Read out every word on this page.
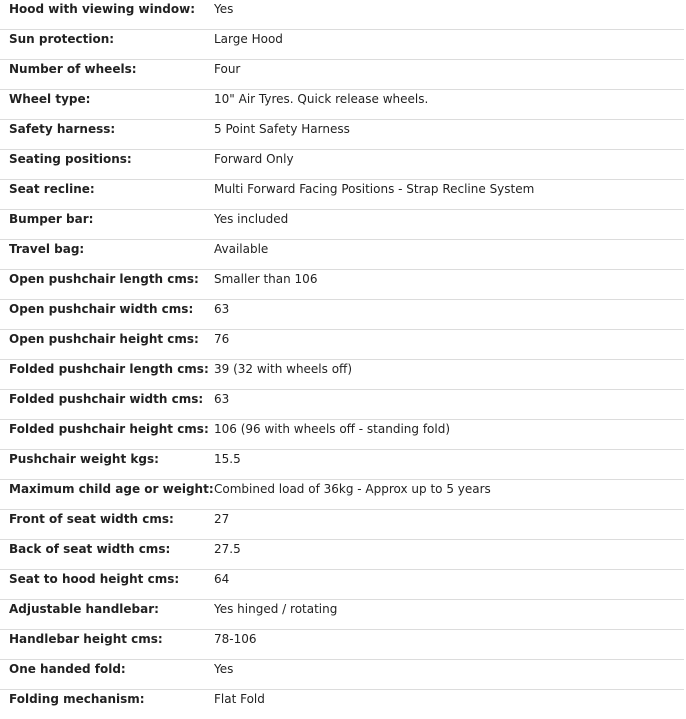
Hood with viewing window:	Yes
Sun protection:	Large Hood
Number of wheels:	Four
Wheel type:	10" Air Tyres. Quick release wheels.
Safety harness:	5 Point Safety Harness
Seating positions:	Forward Only
Seat recline:	Multi Forward Facing Positions - Strap Recline System
Bumper bar:	Yes included
Travel bag:	Available
Open pushchair length cms:	Smaller than 106
Open pushchair width cms:	63
Open pushchair height cms:	76
Folded pushchair length cms:	39 (32 with wheels off)
Folded pushchair width cms:	63
Folded pushchair height cms:	106 (96 with wheels off - standing fold)
Pushchair weight kgs:	15.5
Maximum child age or weight:	Combined load of 36kg - Approx up to 5 years
Front of seat width cms:	27
Back of seat width cms:	27.5
Seat to hood height cms:	64
Adjustable handlebar:	Yes hinged / rotating
Handlebar height cms:	78-106
One handed fold:	Yes
Folding mechanism:	Flat Fold
